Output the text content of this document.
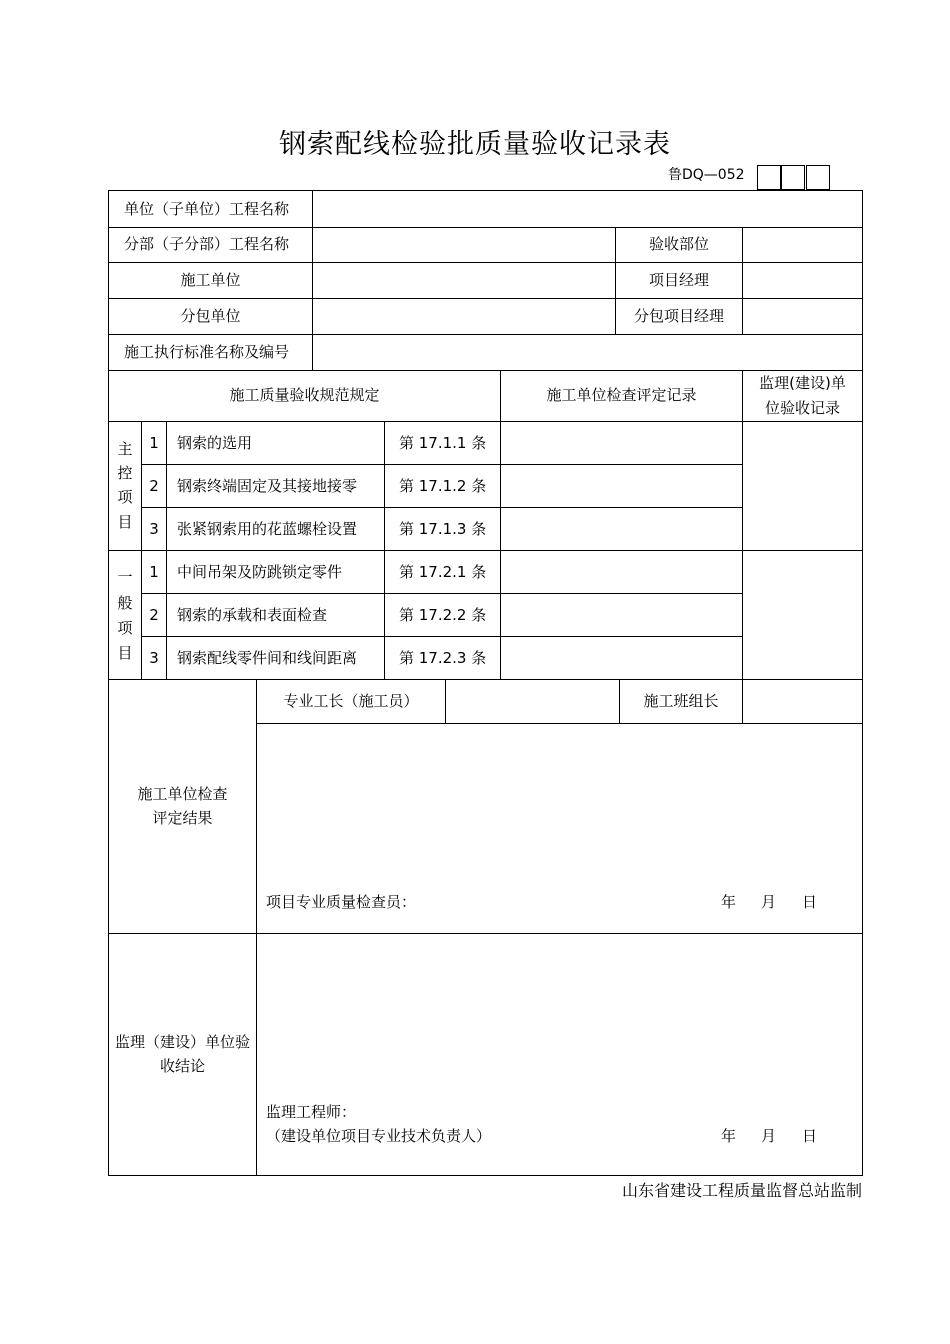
钢索配线检验批质量验收记录表
鲁DQ—052
单位（子单位）工程名称
分部（子分部）工程名称	验收部位
施工单位	项目经理
分包单位	分包项目经理
施工执行标准名称及编号
施工质量验收规范规定	施工单位检查评定记录
监理(建设)单
位验收记录
主
控
项
目
1	钢索的选用	第 17.1.1 条
2	钢索终端固定及其接地接零	第 17.1.2 条
3	张紧钢索用的花蓝螺栓设置	第 17.1.3 条
一
般
项
目
1	中间吊架及防跳锁定零件	第 17.2.1 条
2	钢索的承载和表面检查	第 17.2.2 条
3	钢索配线零件间和线间距离	第 17.2.3 条
专业工长（施工员）	施工班组长
施工单位检查
评定结果
项目专业质量检查员：	年 月 日
监理（建设）单位验
收结论
监理工程师：
（建设单位项目专业技术负责人）	年 月 日
山东省建设工程质量监督总站监制
